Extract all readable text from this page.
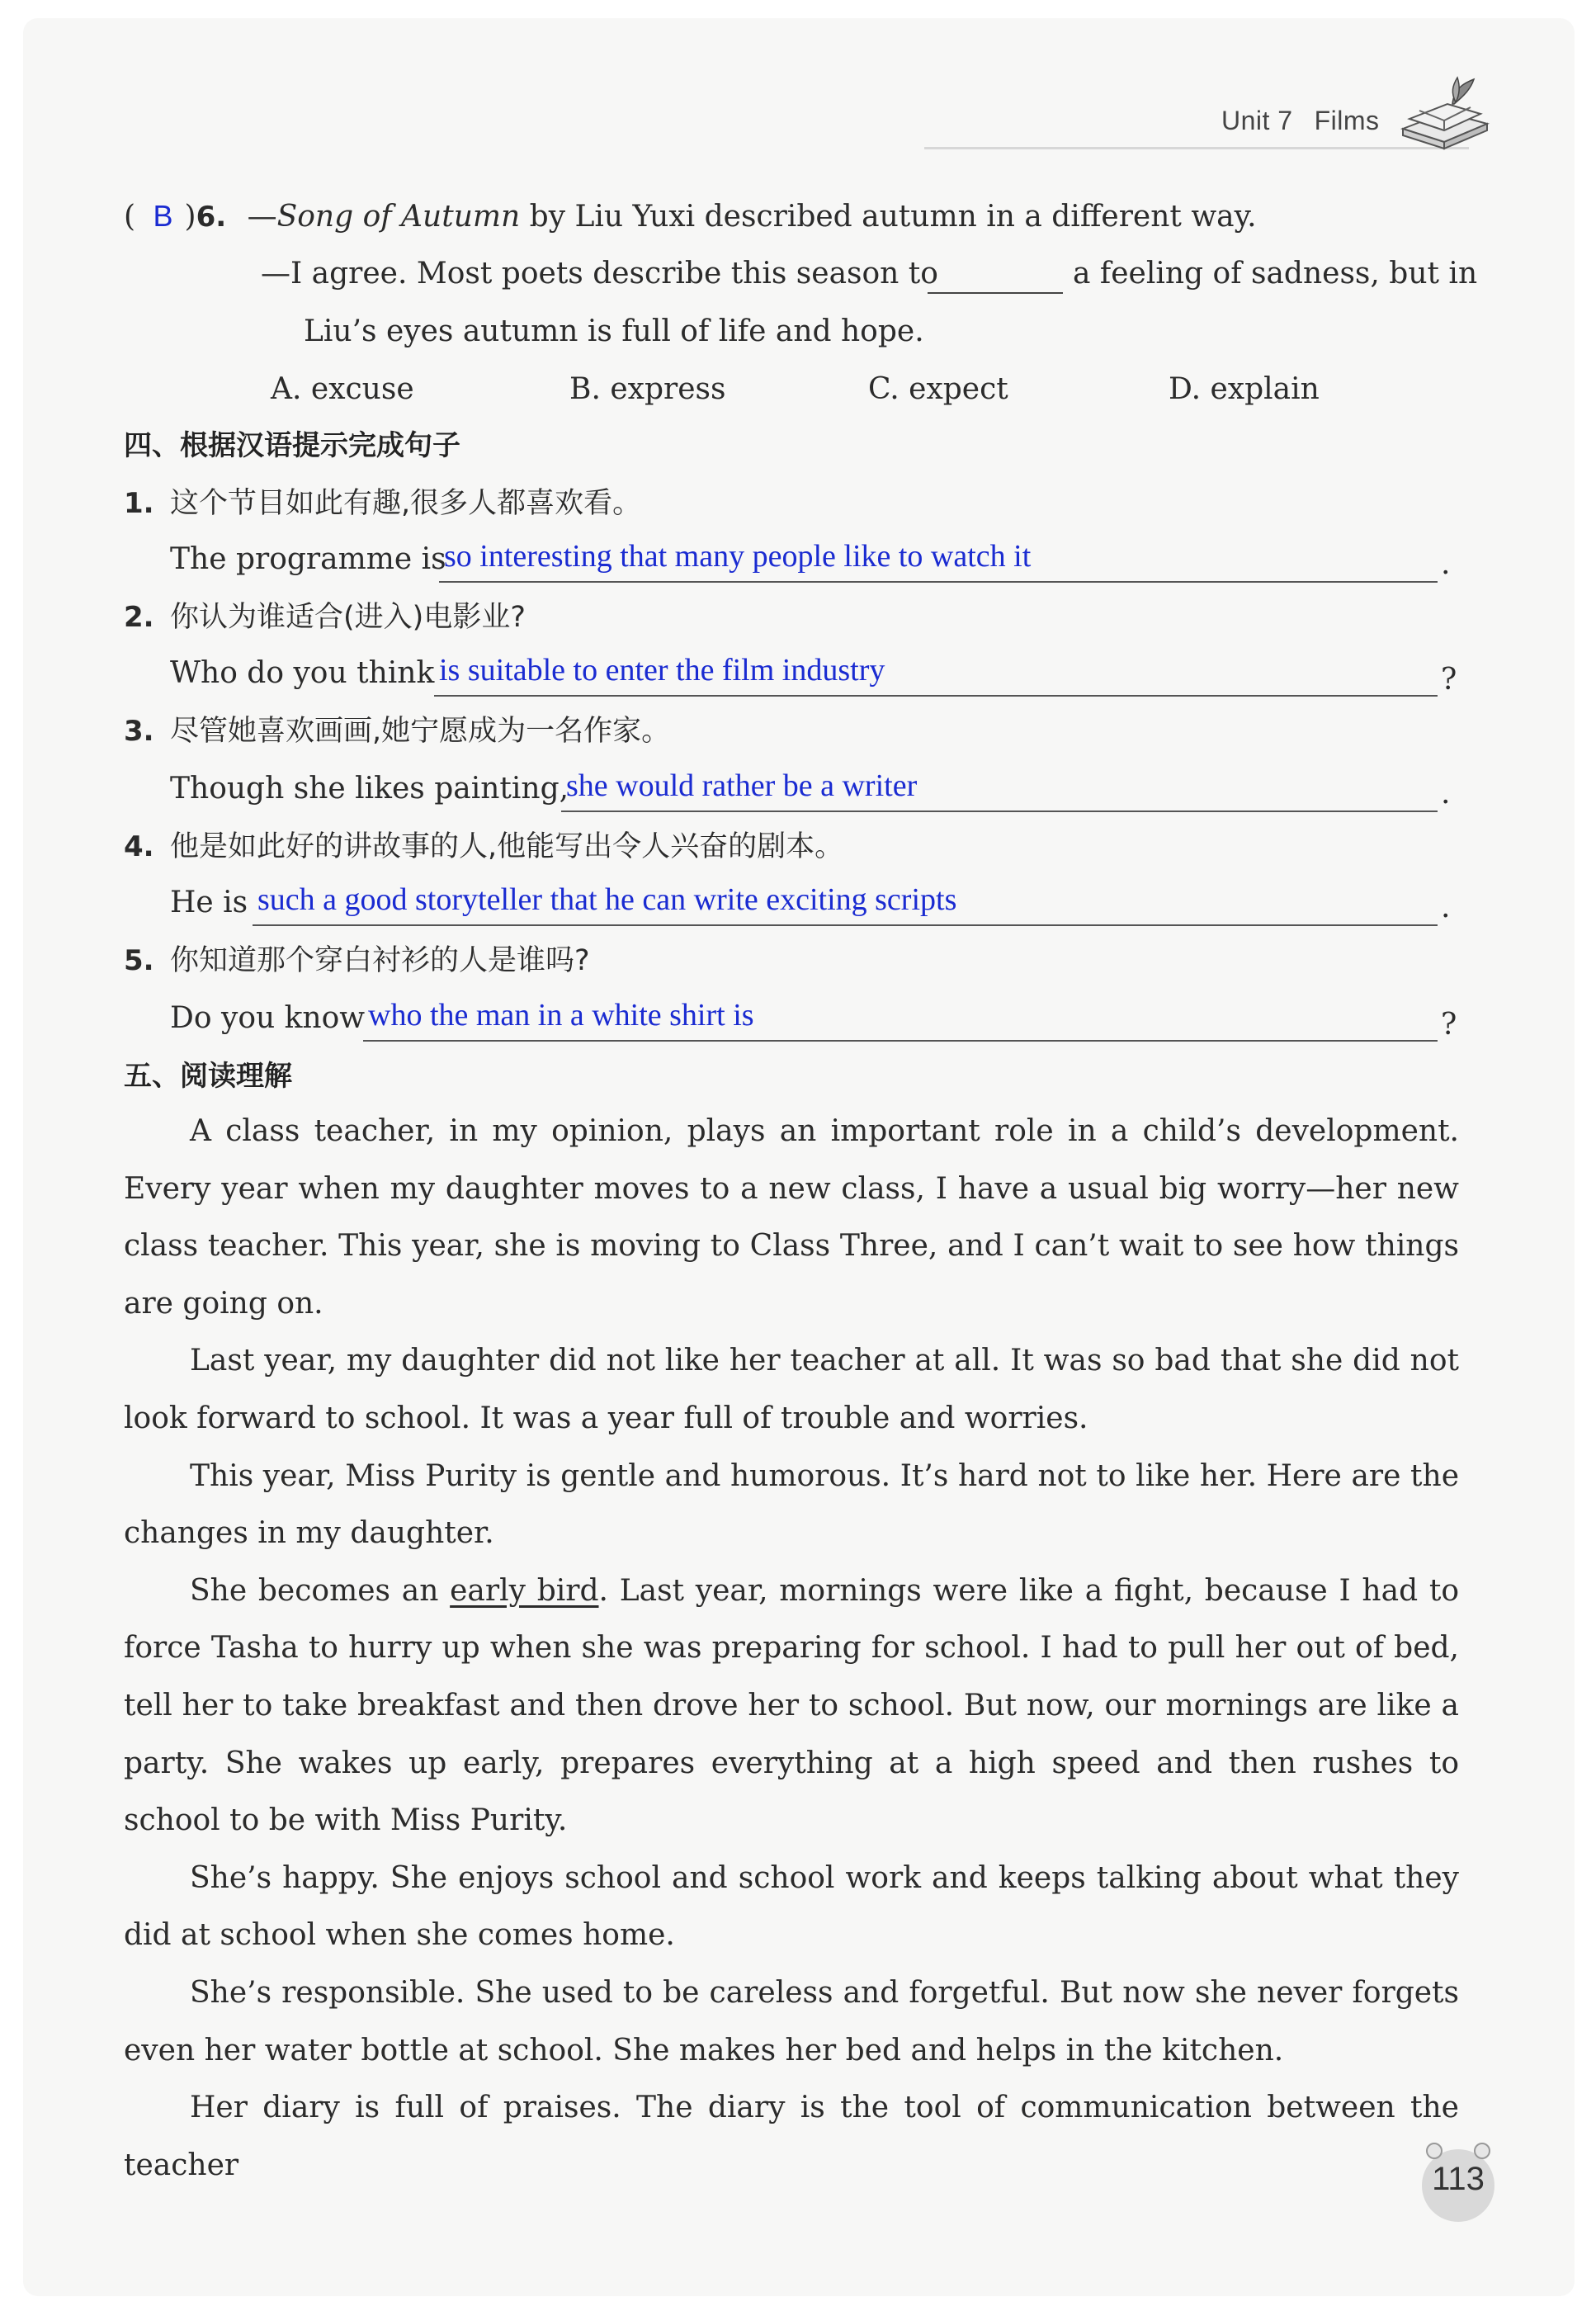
Unit 7 Films
( B )6. —Song of Autumn by Liu Yuxi described autumn in a different way.
—I agree. Most poets describe this season to	a feeling of sadness, but in
Liu’s eyes autumn is full of life and hope.
A. excuse	B. express	C. expect	D. explain
四、根据汉语提示完成句子
1. 这个节目如此有趣,很多人都喜欢看。
The programme is
so interesting that many people like to watch it	.
2. 你认为谁适合(进入)电影业?
Who do you think is suitable to enter the film industry	?
3. 尽管她喜欢画画,她宁愿成为一名作家。
Though she likes painting,
she would rather be a writer	.
4. 他是如此好的讲故事的人,他能写出令人兴奋的剧本。
He is such a good storyteller that he can write exciting scripts	.
5. 你知道那个穿白衬衫的人是谁吗?
Do you know who the man in a white shirt is	?
五、阅读理解

A class teacher, in my opinion, plays an important role in a child’s development. Every year when my daughter moves to a new class, I have a usual big worry—her new class teacher. This year, she is moving to Class Three, and I can’t wait to see how things are going on.

Last year, my daughter did not like her teacher at all. It was so bad that she did not look forward to school. It was a year full of trouble and worries.

This year, Miss Purity is gentle and humorous. It’s hard not to like her. Here are the changes in my daughter.

She becomes an early bird. Last year, mornings were like a fight, because I had to force Tasha to hurry up when she was preparing for school. I had to pull her out of bed, tell her to take breakfast and then drove her to school. But now, our mornings are like a party. She wakes up early, prepares everything at a high speed and then rushes to school to be with Miss Purity.

She’s happy. She enjoys school and school work and keeps talking about what they did at school when she comes home.

She’s responsible. She used to be careless and forgetful. But now she never forgets even her water bottle at school. She makes her bed and helps in the kitchen.

Her diary is full of praises. The diary is the tool of communication between the teacher	113
